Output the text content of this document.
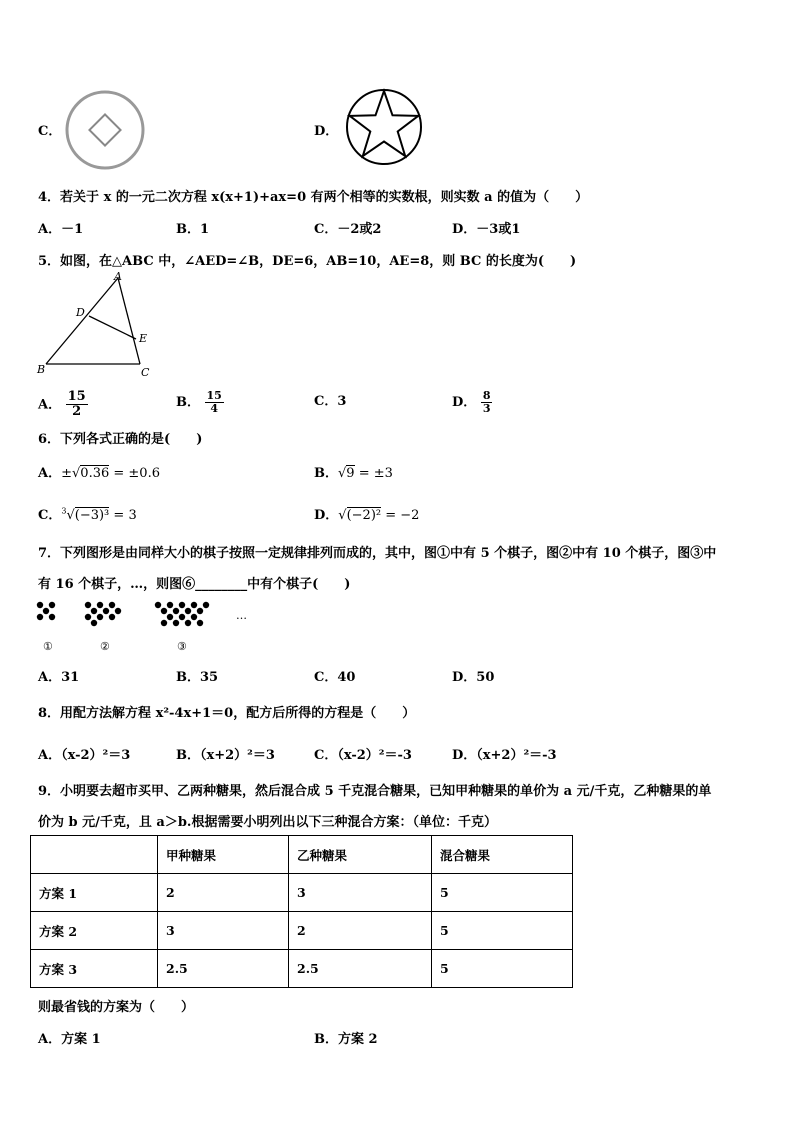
C．	D．
4．若关于 x 的一元二次方程 x(x+1)+ax=0 有两个相等的实数根，则实数 a 的值为（　　）
A．－1	B．1	C．－2或2	D．－3或1
5．如图，在△ABC 中，∠AED=∠B，DE=6，AB=10，AE=8，则 BC 的长度为(　　)
A
D
E
B	C
A． $\frac{15}{2}$	B． $\frac{15}{4}$	C．3	D． $\frac{8}{3}$
6．下列各式正确的是(　　)
A．±√0.36 = ±0.6	B．√9 = ±3
C．$^3$√(−3)³ = 3	D．√(−2)² = −2
7．下列图形是由同样大小的棋子按照一定规律排列而成的，其中，图①中有 5 个棋子，图②中有 10 个棋子，图③中
有 16 个棋子，…，则图⑥________中有个棋子(　　)
…
①	②	③
A．31	B．35	C．40	D．50
8．用配方法解方程 x²-4x+1＝0，配方后所得的方程是（　　）
A．（x-2）²＝3	B．（x+2）²＝3	C．（x-2）²＝-3	D．（x+2）²＝-3
9．小明要去超市买甲、乙两种糖果，然后混合成 5 千克混合糖果，已知甲种糖果的单价为 a 元/千克，乙种糖果的单
价为 b 元/千克，且 a＞b.根据需要小明列出以下三种混合方案：（单位：千克）
	甲种糖果	乙种糖果	混合糖果
方案 1	2	3	5
方案 2	3	2	5
方案 3	2.5	2.5	5
则最省钱的方案为（　　）
A．方案 1	B．方案 2
